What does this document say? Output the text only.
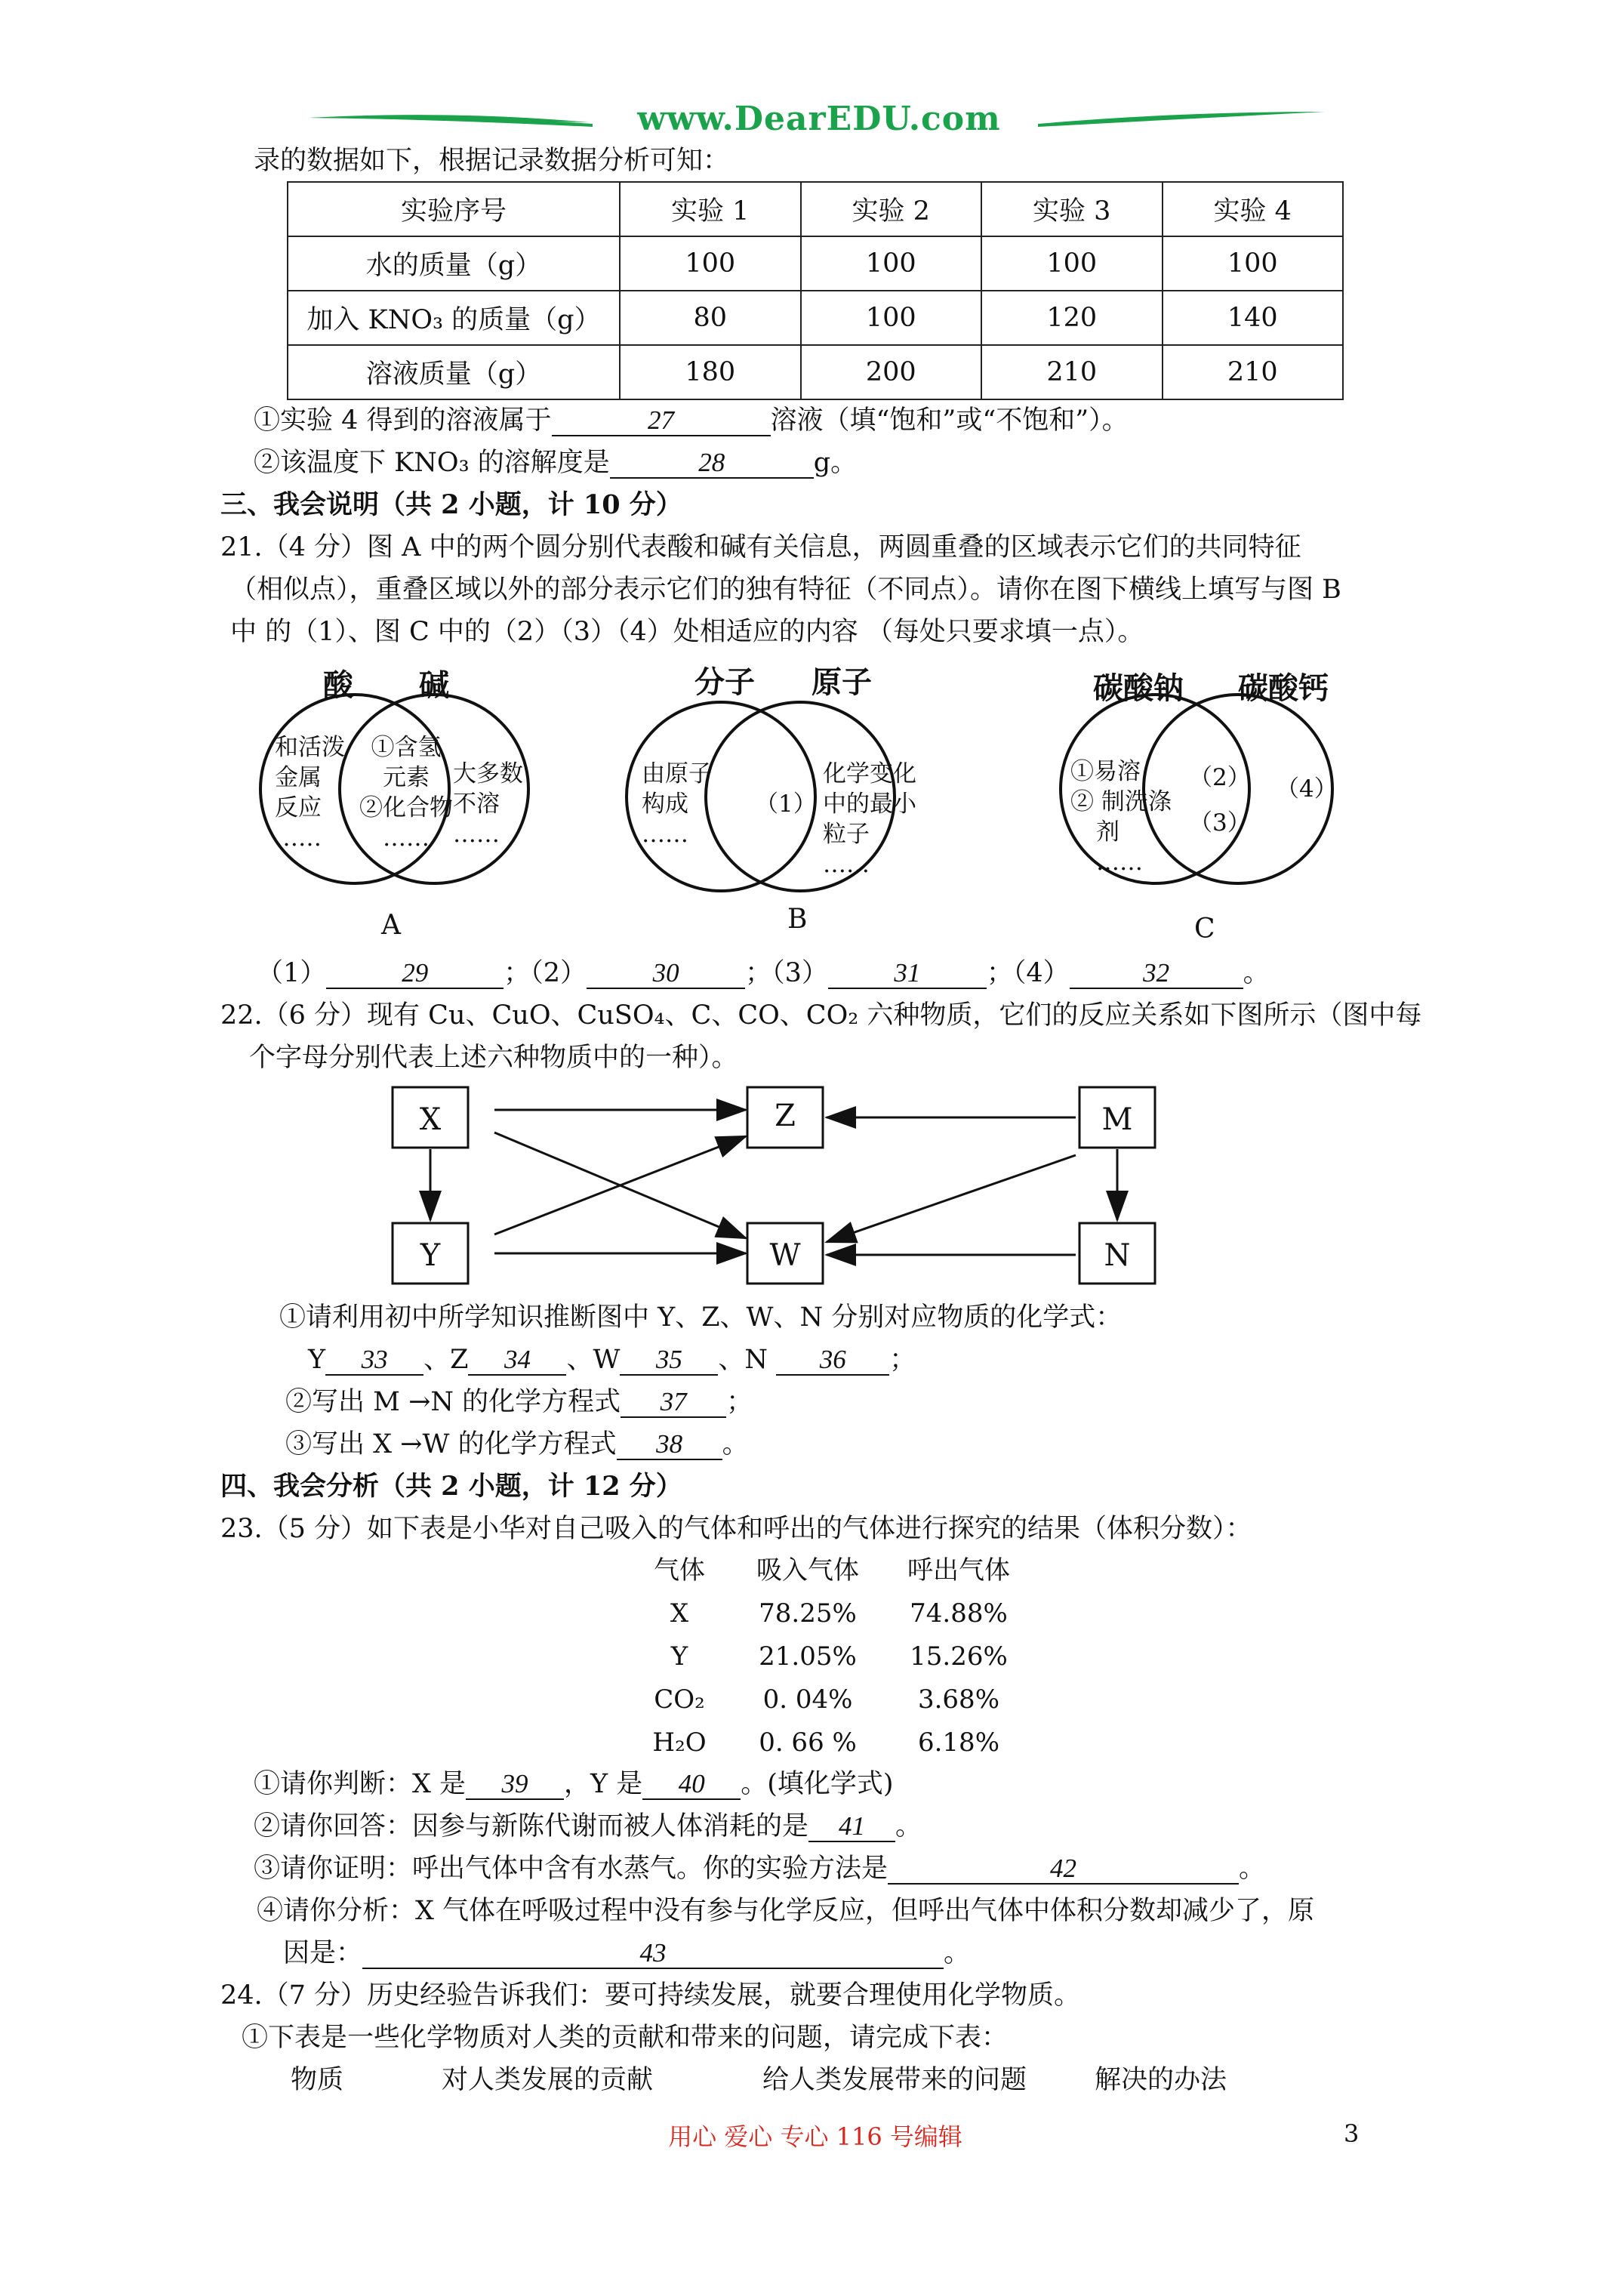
www.DearEDU.com
录的数据如下，根据记录数据分析可知：
实验序号	实验 1	实验 2	实验 3	实验 4
水的质量（g）	100	100	100	100
加入 KNO₃ 的质量（g）	80	100	120	140
溶液质量（g）	180	200	210	210
①实验 4 得到的溶液属于	27	溶液（填“饱和”或“不饱和”）。
②该温度下 KNO₃ 的溶解度是	28	g。
三、我会说明（共 2 小题，计 10 分）
21.（4 分）图 A 中的两个圆分别代表酸和碱有关信息，两圆重叠的区域表示它们的共同特征
（相似点），重叠区域以外的部分表示它们的独有特征（不同点）。请你在图下横线上填写与图 B
中 的（1）、图 C 中的（2）（3）（4）处相适应的内容 （每处只要求填一点）。
酸 碱
和活泼
金属
反应
……
①含氢
元素
②化合物
……
大多数
不溶
……
A
分子 原子
由原子
构成
……
（1）
化学变化
中的最小
粒子
……
B
碳酸钠 碳酸钙
①易溶
② 制洗涤
剂
……
（2）
（3）
（4）
C
（1）	29	；（2）	30	；（3）	31	；（4）	32	。
22.（6 分）现有 Cu、CuO、CuSO₄、C、CO、CO₂ 六种物质，它们的反应关系如下图所示（图中每
个字母分别代表上述六种物质中的一种）。
X	Z	M
Y	W	N
①请利用初中所学知识推断图中 Y、Z、W、N 分别对应物质的化学式：
Y 33 、Z 34 、W 35 、N 36 ；
②写出 M →N 的化学方程式 37 ；
③写出 X →W 的化学方程式 38 。
四、我会分析（共 2 小题，计 12 分）
23.（5 分）如下表是小华对自己吸入的气体和呼出的气体进行探究的结果（体积分数）：
气体	吸入气体	呼出气体
X	78.25%	74.88%
Y	21.05%	15.26%
CO₂	0. 04%	3.68%
H₂O	0. 66 %	6.18%
①请你判断：X 是 39 ，Y 是 40 。(填化学式)
②请你回答：因参与新陈代谢而被人体消耗的是 41 。
③请你证明：呼出气体中含有水蒸气。你的实验方法是	42	。
④请你分析：X 气体在呼吸过程中没有参与化学反应，但呼出气体中体积分数却减少了，原
因是：	43	。
24.（7 分）历史经验告诉我们：要可持续发展，就要合理使用化学物质。
①下表是一些化学物质对人类的贡献和带来的问题，请完成下表：
物质	对人类发展的贡献	给人类发展带来的问题	解决的办法
用心 爱心 专心 116 号编辑	3
